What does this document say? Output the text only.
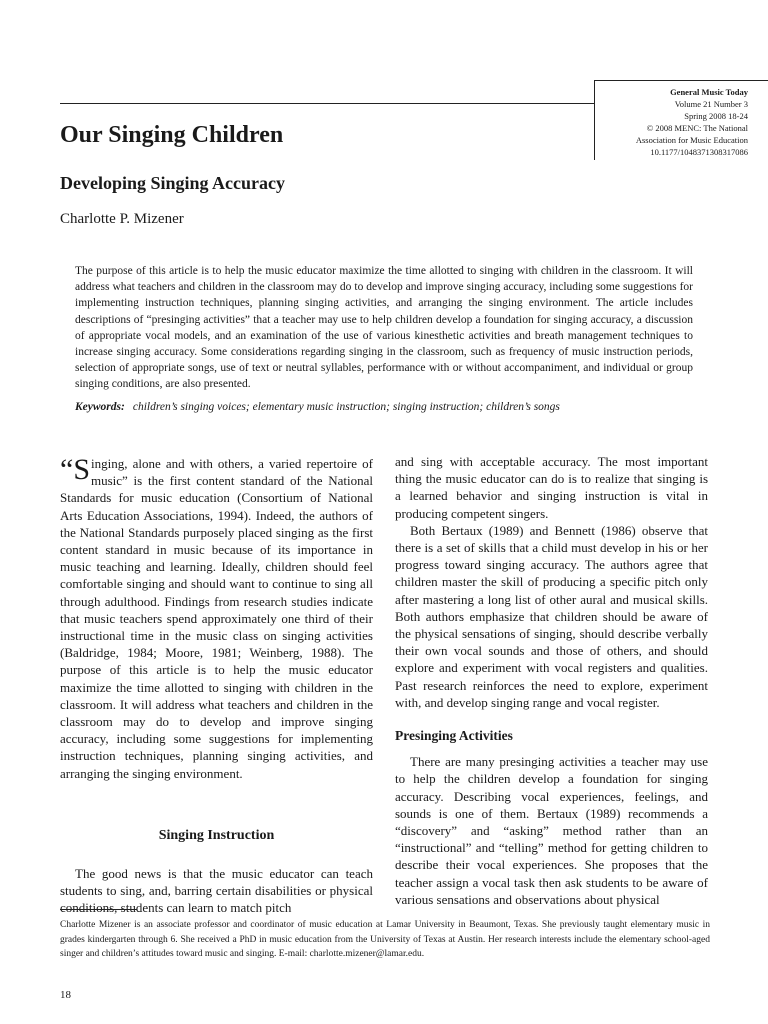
General Music Today
Volume 21 Number 3
Spring 2008 18-24
© 2008 MENC: The National
Association for Music Education
10.1177/1048371308317086
Our Singing Children
Developing Singing Accuracy

Charlotte P. Mizener

The purpose of this article is to help the music educator maximize the time allotted to singing with children in the classroom. It will address what teachers and children in the classroom may do to develop and improve singing accuracy, including some suggestions for implementing instruction techniques, planning singing activities, and arranging the singing environment. The article includes descriptions of “presinging activities” that a teacher may use to help children develop a foundation for singing accuracy, a discussion of appropriate vocal models, and an examination of the use of various kinesthetic activities and breath management techniques to increase singing accuracy. Some considerations regarding singing in the classroom, such as frequency of music instruction periods, selection of appropriate songs, use of text or neutral syllables, performance with or without accompaniment, and individual or group singing conditions, are also presented.

Keywords: children’s singing voices; elementary music instruction; singing instruction; children’s songs

“Singing, alone and with others, a varied repertoire of music” is the first content standard of the National Standards for music education (Consortium of National Arts Education Associations, 1994). Indeed, the authors of the National Standards purposely placed singing as the first content standard in music because of its importance in music teaching and learning. Ideally, children should feel comfortable singing and should want to continue to sing all through adulthood. Findings from research studies indicate that music teachers spend approximately one third of their instructional time in the music class on singing activities (Baldridge, 1984; Moore, 1981; Weinberg, 1988). The purpose of this article is to help the music educator maximize the time allotted to singing with children in the classroom. It will address what teachers and children in the classroom may do to develop and improve singing accuracy, including some suggestions for implementing instruction techniques, planning singing activities, and arranging the singing environment.

Singing Instruction

The good news is that the music educator can teach students to sing, and, barring certain disabilities or physical conditions, students can learn to match pitch

and sing with acceptable accuracy. The most important thing the music educator can do is to realize that singing is a learned behavior and singing instruction is vital in producing competent singers.

Both Bertaux (1989) and Bennett (1986) observe that there is a set of skills that a child must develop in his or her progress toward singing accuracy. The authors agree that children master the skill of producing a specific pitch only after mastering a long list of other aural and musical skills. Both authors emphasize that children should be aware of the physical sensations of singing, should describe verbally their own vocal sounds and those of others, and should explore and experiment with vocal registers and qualities. Past research reinforces the need to explore, experiment with, and develop singing range and vocal register.

Presinging Activities

There are many presinging activities a teacher may use to help the children develop a foundation for singing accuracy. Describing vocal experiences, feelings, and sounds is one of them. Bertaux (1989) recommends a “discovery” and “asking” method rather than an “instructional” and “telling” method for getting children to describe their vocal experiences. She proposes that the teacher assign a vocal task then ask students to be aware of various sensations and observations about physical

Charlotte Mizener is an associate professor and coordinator of music education at Lamar University in Beaumont, Texas. She previously taught elementary music in grades kindergarten through 6. She received a PhD in music education from the University of Texas at Austin. Her research interests include the elementary school-aged singer and children’s attitudes toward music and singing. E-mail: charlotte.mizener@lamar.edu.

18
